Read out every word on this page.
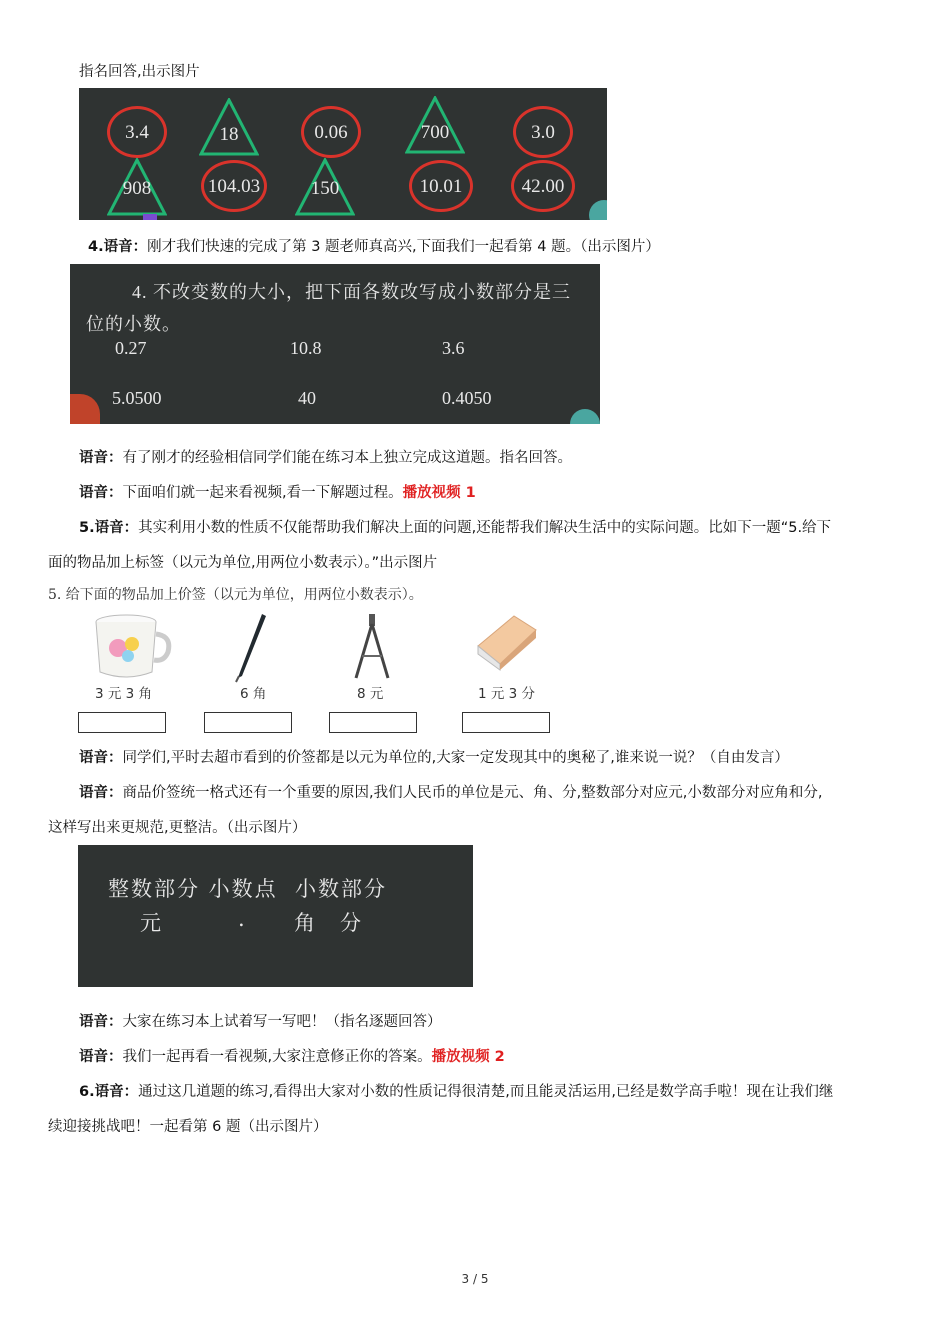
指名回答,出示图片
3.4	18	0.06	700	3.0
908	104.03	150	10.01	42.00
4.语音：刚才我们快速的完成了第 3 题老师真高兴,下面我们一起看第 4 题。（出示图片）
4. 不改变数的大小，把下面各数改写成小数部分是三
位的小数。
0.27	10.8	3.6
5.0500	40	0.4050
语音：有了刚才的经验相信同学们能在练习本上独立完成这道题。指名回答。
语音：下面咱们就一起来看视频,看一下解题过程。播放视频 1
5.语音：其实利用小数的性质不仅能帮助我们解决上面的问题,还能帮我们解决生活中的实际问题。比如下一题“5.给下
面的物品加上标签（以元为单位,用两位小数表示）。”出示图片
5. 给下面的物品加上价签（以元为单位，用两位小数表示）。
3 元 3 角	6 角	8 元	1 元 3 分
语音：同学们,平时去超市看到的价签都是以元为单位的,大家一定发现其中的奥秘了,谁来说一说？（自由发言）
语音：商品价签统一格式还有一个重要的原因,我们人民币的单位是元、角、分,整数部分对应元,小数部分对应角和分,
这样写出来更规范,更整洁。（出示图片）
整数部分 小数点  小数部分
元	. 角 分
语音：大家在练习本上试着写一写吧！（指名逐题回答）
语音：我们一起再看一看视频,大家注意修正你的答案。播放视频 2
6.语音：通过这几道题的练习,看得出大家对小数的性质记得很清楚,而且能灵活运用,已经是数学高手啦！现在让我们继
续迎接挑战吧！一起看第 6 题（出示图片）
3 / 5
